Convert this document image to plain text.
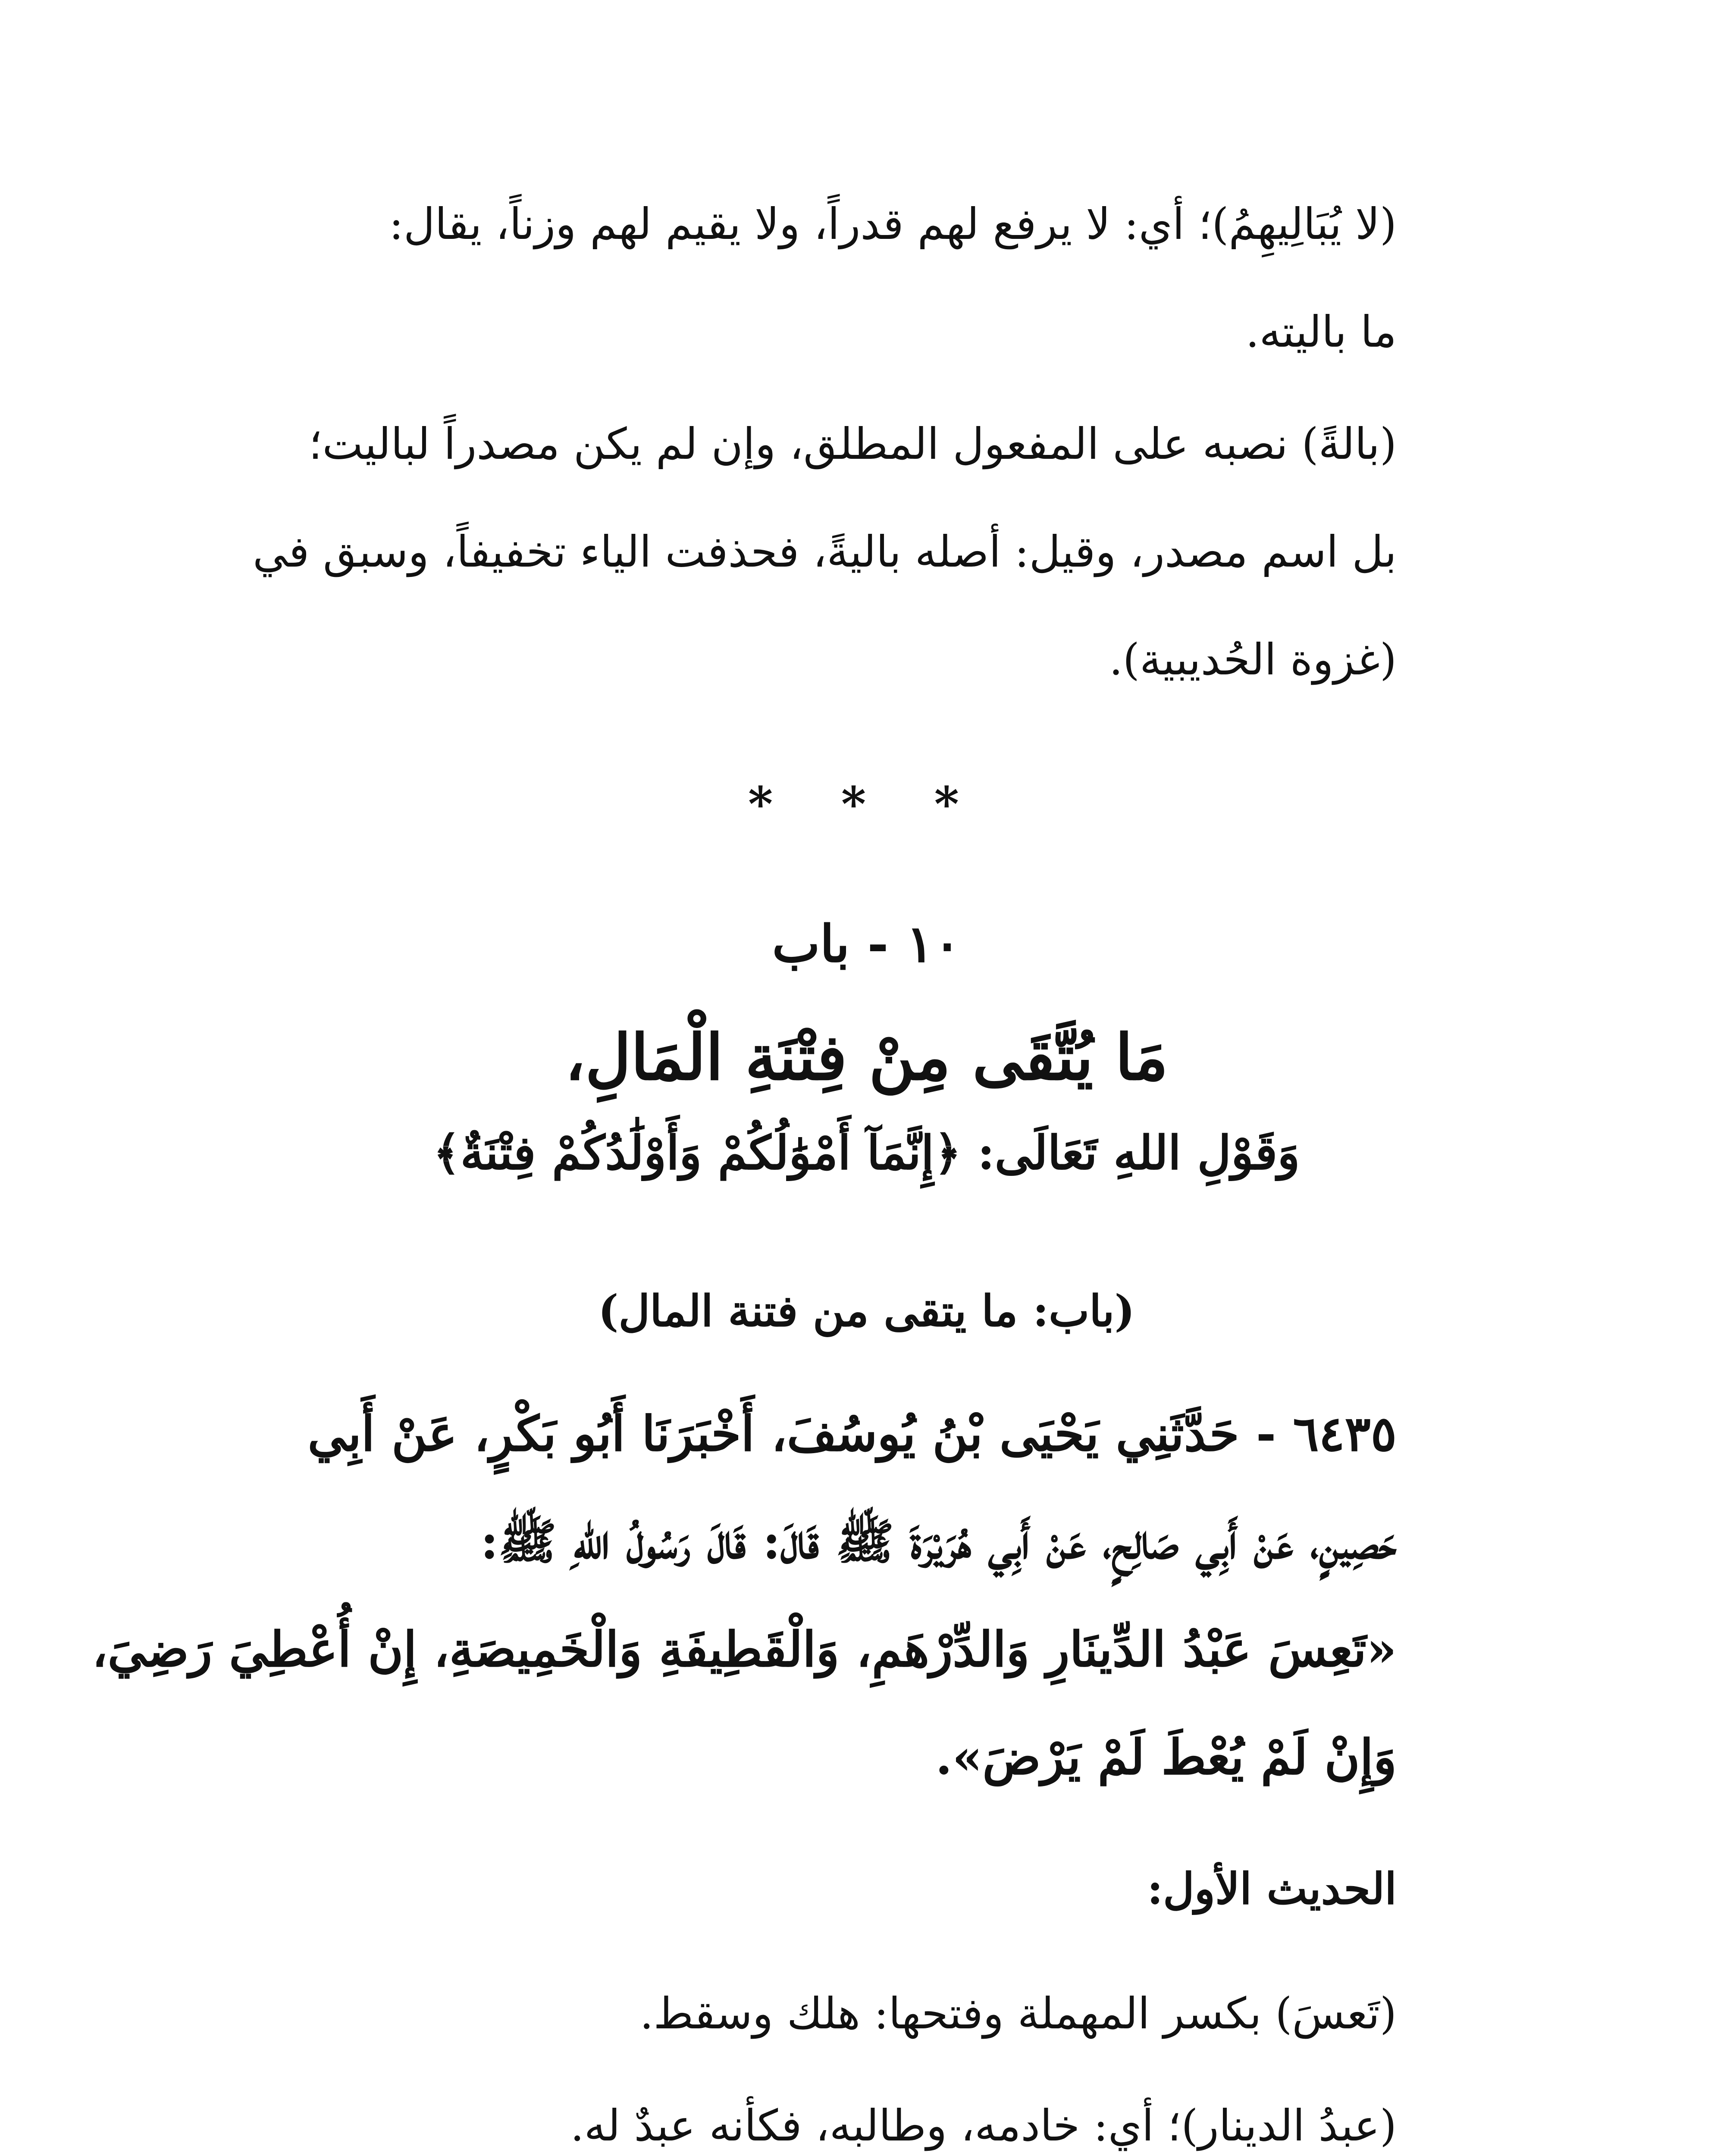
(لا يُبَالِيهِمُ)؛ أي: لا يرفع لهم قدراً، ولا يقيم لهم وزناً، يقال:
ما باليته.
(بالةً) نصبه على المفعول المطلق، وإن لم يكن مصدراً لباليت؛
بل اسم مصدر، وقيل: أصله باليةً، فحذفت الياء تخفيفاً، وسبق في
(غزوة الحُديبية).
* * *
١٠ - باب
مَا يُتَّقَى مِنْ فِتْنَةِ الْمَالِ،
وَقَوْلِ اللهِ تَعَالَى: ﴿إِنَّمَآ أَمْوَٰلُكُمْ وَأَوْلَٰدُكُمْ فِتْنَةٌ﴾
(باب: ما يتقى من فتنة المال)
٦٤٣٥ - حَدَّثَنِي يَحْيَى بْنُ يُوسُفَ، أَخْبَرَنَا أَبُو بَكْرٍ، عَنْ أَبِي
حَصِينٍ، عَنْ أَبِي صَالِحٍ، عَنْ أَبِي هُرَيْرَةَ ﷺ قَالَ: قَالَ رَسُولُ اللهِ ﷺ:
«تَعِسَ عَبْدُ الدِّينَارِ وَالدِّرْهَمِ، وَالْقَطِيفَةِ وَالْخَمِيصَةِ، إِنْ أُعْطِيَ رَضِيَ،
وَإِنْ لَمْ يُعْطَ لَمْ يَرْضَ».
الحديث الأول:
(تَعسَ) بكسر المهملة وفتحها: هلك وسقط.
(عبدُ الدينار)؛ أي: خادمه، وطالبه، فكأنه عبدٌ له.
